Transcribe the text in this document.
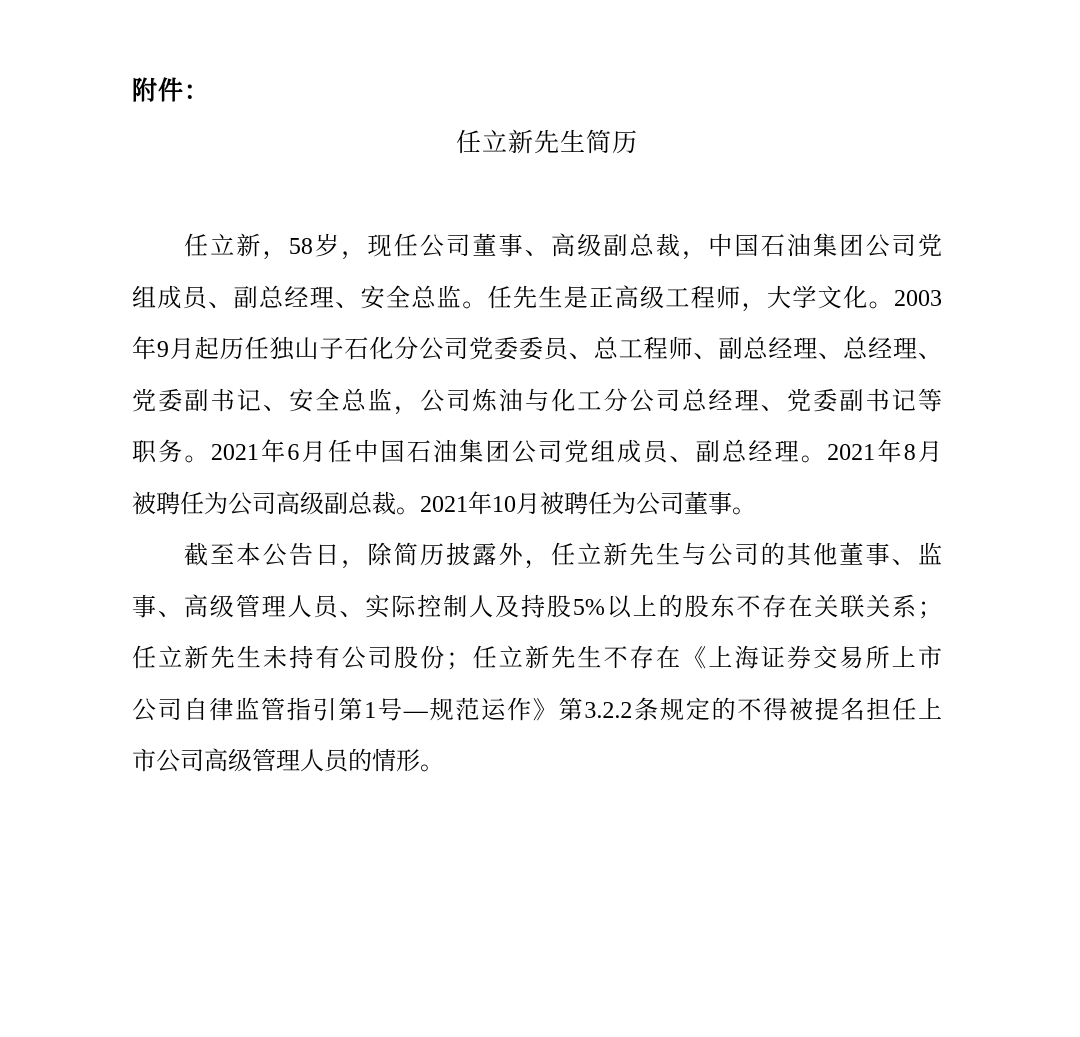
附件：
任立新先生简历
任立新，58岁，现任公司董事、高级副总裁，中国石油集团公司党
组成员、副总经理、安全总监。任先生是正高级工程师，大学文化。2003
年9月起历任独山子石化分公司党委委员、总工程师、副总经理、总经理、
党委副书记、安全总监，公司炼油与化工分公司总经理、党委副书记等
职务。2021年6月任中国石油集团公司党组成员、副总经理。2021年8月
被聘任为公司高级副总裁。2021年10月被聘任为公司董事。
截至本公告日，除简历披露外，任立新先生与公司的其他董事、监
事、高级管理人员、实际控制人及持股5%以上的股东不存在关联关系；
任立新先生未持有公司股份；任立新先生不存在《上海证券交易所上市
公司自律监管指引第1号—规范运作》第3.2.2条规定的不得被提名担任上
市公司高级管理人员的情形。
